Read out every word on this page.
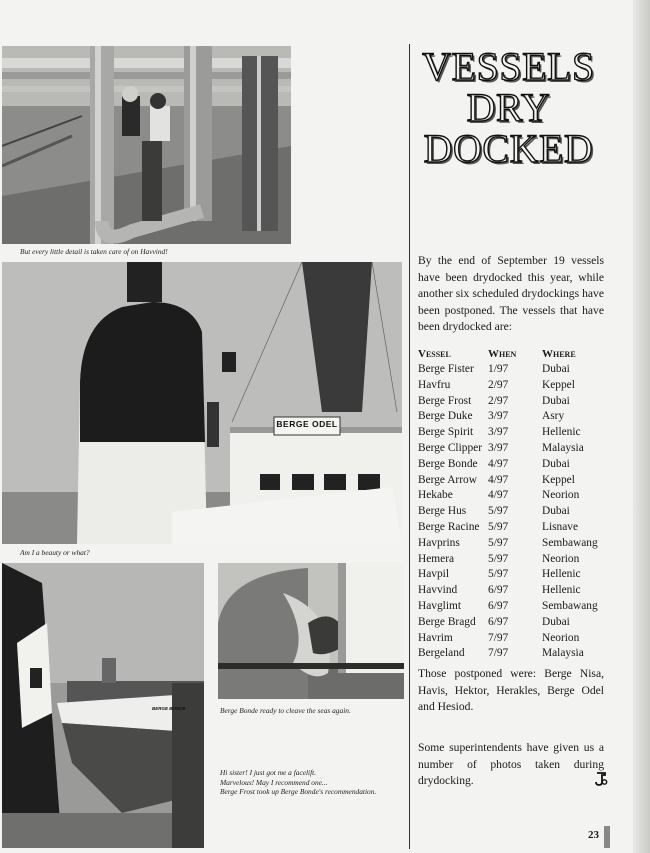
But every little detail is taken care of on Havvind!
BERGE ODEL
Am I a beauty or what?
BERGE BONDE	Berge Bonde ready to cleave the seas again.
Hi sister! I just got me a facelift.
Marvelous! May I recommend one...
Berge Frost took up Berge Bonde's recommendation.
VESSELS
DRY
DOCKED
By the end of September 19 vessels have been drydocked this year, while another six scheduled drydockings have been postponed. The vessels that have been drydocked are:
Vessel	When	Where
Berge Fister	1/97	Dubai
Havfru	2/97	Keppel
Berge Frost	2/97	Dubai
Berge Duke	3/97	Asry
Berge Spirit	3/97	Hellenic
Berge Clipper	3/97	Malaysia
Berge Bonde	4/97	Dubai
Berge Arrow	4/97	Keppel
Hekabe	4/97	Neorion
Berge Hus	5/97	Dubai
Berge Racine	5/97	Lisnave
Havprins	5/97	Sembawang
Hemera	5/97	Neorion
Havpil	5/97	Hellenic
Havvind	6/97	Hellenic
Havglimt	6/97	Sembawang
Berge Bragd	6/97	Dubai
Havrim	7/97	Neorion
Bergeland	7/97	Malaysia
Those postponed were: Berge Nisa, Havis, Hektor, Herakles, Berge Odel and Hesiod.
Some superintendents have given us a number of photos taken during drydocking.
23
